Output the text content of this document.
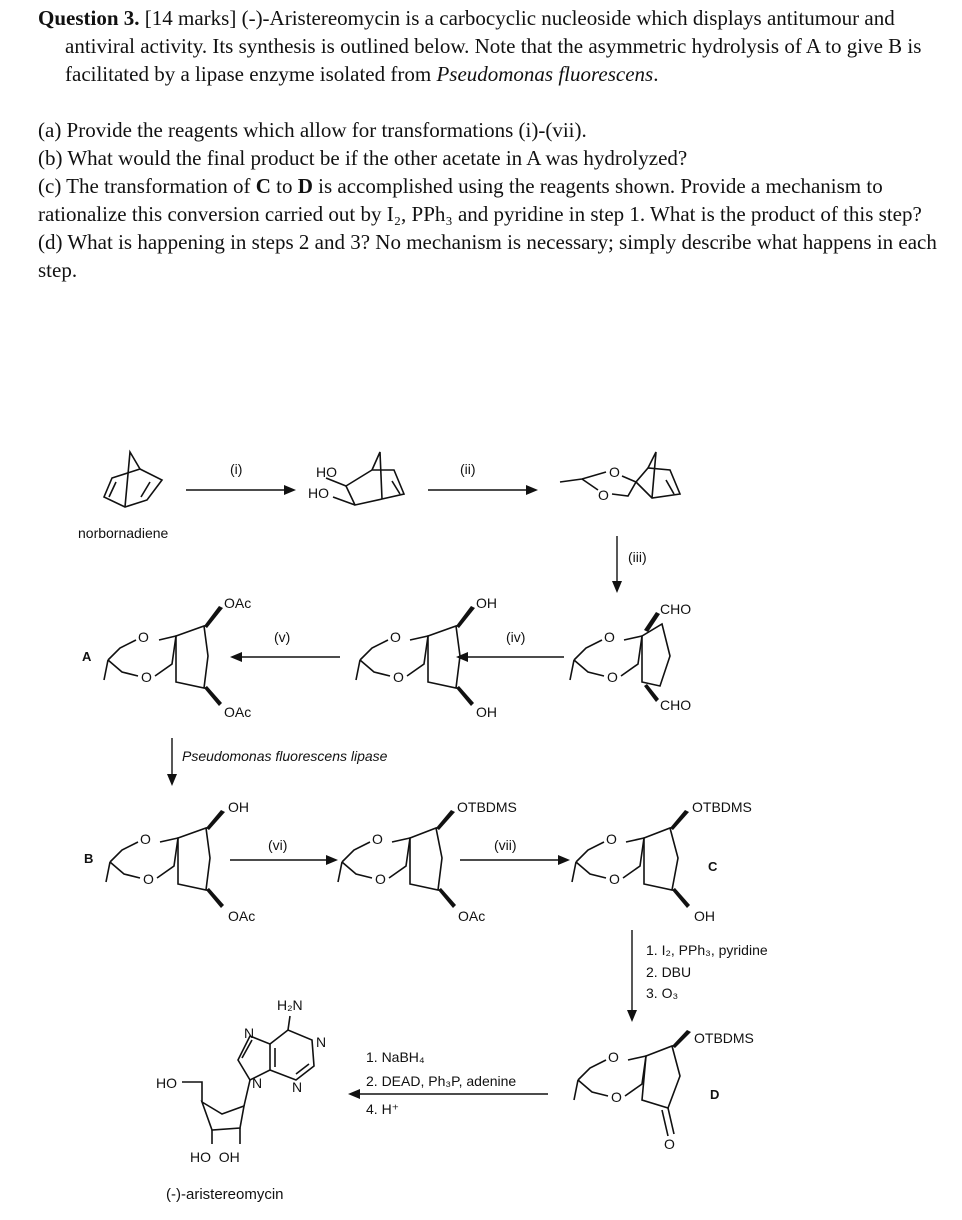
Question 3. [14 marks] (-)-Aristereomycin is a carbocyclic nucleoside which displays antitumour and antiviral activity. Its synthesis is outlined below. Note that the asymmetric hydrolysis of A to give B is facilitated by a lipase enzyme isolated from Pseudomonas fluorescens.

(a) Provide the reagents which allow for transformations (i)-(vii).

(b) What would the final product be if the other acetate in A was hydrolyzed?

(c) The transformation of C to D is accomplished using the reagents shown. Provide a mechanism to rationalize this conversion carried out by I₂, PPh₃ and pyridine in step 1. What is the product of this step?

(d) What is happening in steps 2 and 3? No mechanism is necessary; simply describe what happens in each step.

norbornadiene
(i)	HO
HO
(ii)	O
O
(iii)
O
O
OAc
OAc
A
(v)	O
O
OH
OH
(iv)	O
O
CHO
CHO
Pseudomonas fluorescens lipase
O
O
OH
OAc
B
(vi)	O
O
OTBDMS
OAc
(vii)	O
O
OTBDMS
OH
C
1. I₂, PPh₃, pyridine
2. DBU
3. O₃
O
O
O
OTBDMS
D
1. NaBH₄
2. DEAD, Ph₃P, adenine
4. H⁺
HO
N
N
N
N
H₂N
HO  OH
(-)-aristereomycin
